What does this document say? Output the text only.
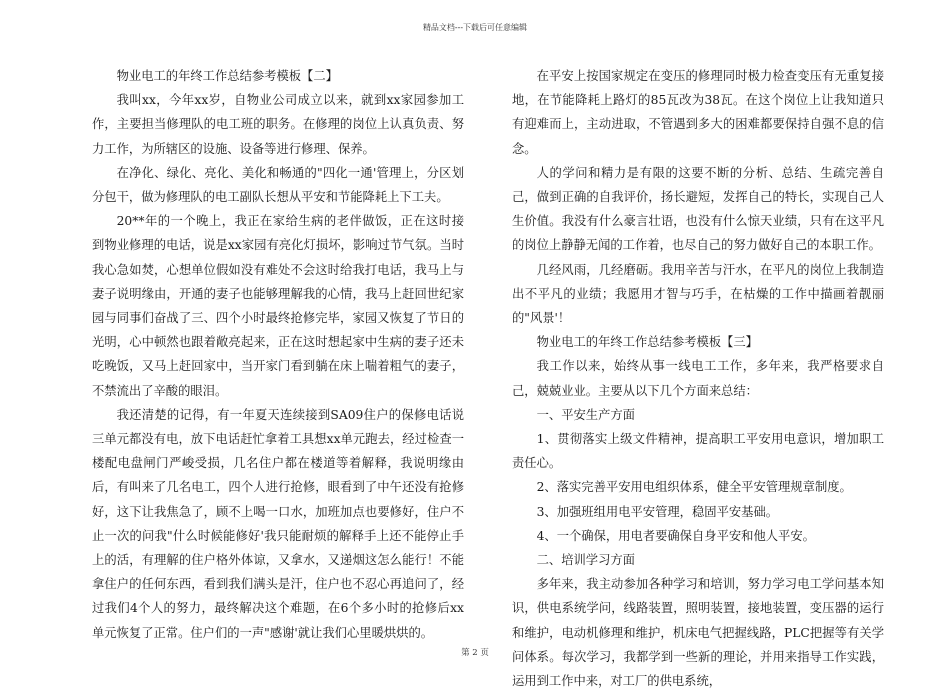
精品文档---下载后可任意编辑

物业电工的年终工作总结参考模板【二】

我叫xx，今年xx岁，自物业公司成立以来，就到xx家园参加工作，主要担当修理队的电工班的职务。在修理的岗位上认真负责、努力工作，为所辖区的设施、设备等进行修理、保养。

在净化、绿化、亮化、美化和畅通的"四化一通'管理上，分区划分包干，做为修理队的电工副队长想从平安和节能降耗上下工夫。

20**年的一个晚上，我正在家给生病的老伴做饭，正在这时接到物业修理的电话，说是xx家园有亮化灯损坏，影响过节气氛。当时我心急如焚，心想单位假如没有难处不会这时给我打电话，我马上与妻子说明缘由，开通的妻子也能够理解我的心情，我马上赶回世纪家园与同事们奋战了三、四个小时最终抢修完毕，家园又恢复了节日的光明，心中顿然也跟着敞亮起来，正在这时想起家中生病的妻子还未吃晚饭，又马上赶回家中，当开家门看到躺在床上喘着粗气的妻子，不禁流出了辛酸的眼泪。

我还清楚的记得，有一年夏天连续接到SA09住户的保修电话说三单元都没有电，放下电话赶忙拿着工具想xx单元跑去，经过检查一楼配电盘闸门严峻受损，几名住户都在楼道等着解释，我说明缘由后，有叫来了几名电工，四个人进行抢修，眼看到了中午还没有抢修好，这下让我焦急了，顾不上喝一口水，加班加点也要修好，住户不止一次的问我"什么时候能修好'我只能耐烦的解释手上还不能停止手上的活，有理解的住户格外体谅，又拿水，又递烟这怎么能行！不能拿住户的任何东西，看到我们满头是汗，住户也不忍心再追问了，经过我们4个人的努力，最终解决这个难题，在6个多小时的抢修后xx单元恢复了正常。住户们的一声"感谢'就让我们心里暖烘烘的。

在平安上按国家规定在变压的修理同时极力检查变压有无重复接地，在节能降耗上路灯的85瓦改为38瓦。在这个岗位上让我知道只有迎难而上，主动进取，不管遇到多大的困难都要保持自强不息的信念。

人的学问和精力是有限的这要不断的分析、总结、生疏完善自己，做到正确的自我评价，扬长避短，发挥自己的特长，实现自己人生价值。我没有什么豪言壮语，也没有什么惊天业绩，只有在这平凡的岗位上静静无闻的工作着，也尽自己的努力做好自己的本职工作。

几经风雨，几经磨砺。我用辛苦与汗水，在平凡的岗位上我制造出不平凡的业绩；我愿用才智与巧手，在枯燥的工作中描画着靓丽的"风景'！

物业电工的年终工作总结参考模板【三】

我工作以来，始终从事一线电工工作，多年来，我严格要求自己，兢兢业业。主要从以下几个方面来总结：

一、平安生产方面

1、贯彻落实上级文件精神，提高职工平安用电意识，增加职工责任心。

2、落实完善平安用电组织体系，健全平安管理规章制度。

3、加强班组用电平安管理，稳固平安基础。

4、一个确保，用电者要确保自身平安和他人平安。

二、培训学习方面

多年来，我主动参加各种学习和培训，努力学习电工学问基本知识，供电系统学问，线路装置，照明装置，接地装置，变压器的运行和维护，电动机修理和维护，机床电气把握线路，PLC把握等有关学问体系。每次学习，我都学到一些新的理论，并用来指导工作实践，运用到工作中来，对工厂的供电系统，

第 2 页
